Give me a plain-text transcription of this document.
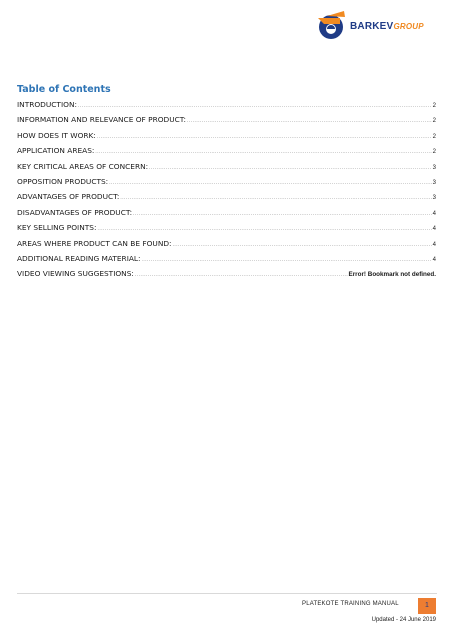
BARKEVGROUP
Table of Contents
INTRODUCTION: .....	2
INFORMATION AND RELEVANCE OF PRODUCT: .....	2
HOW DOES IT WORK: .....	2
APPLICATION AREAS: .....	2
KEY CRITICAL AREAS OF CONCERN: .....	3
OPPOSITION PRODUCTS: .....	3
ADVANTAGES OF PRODUCT: .....	3
DISADVANTAGES OF PRODUCT: .....	4
KEY SELLING POINTS: .....	4
AREAS WHERE PRODUCT CAN BE FOUND: .....	4
ADDITIONAL READING MATERIAL: .....	4
VIDEO VIEWING SUGGESTIONS: .....	Error! Bookmark not defined.
PLATEKOTE TRAINING MANUAL	1
Updated - 24 June 2019
